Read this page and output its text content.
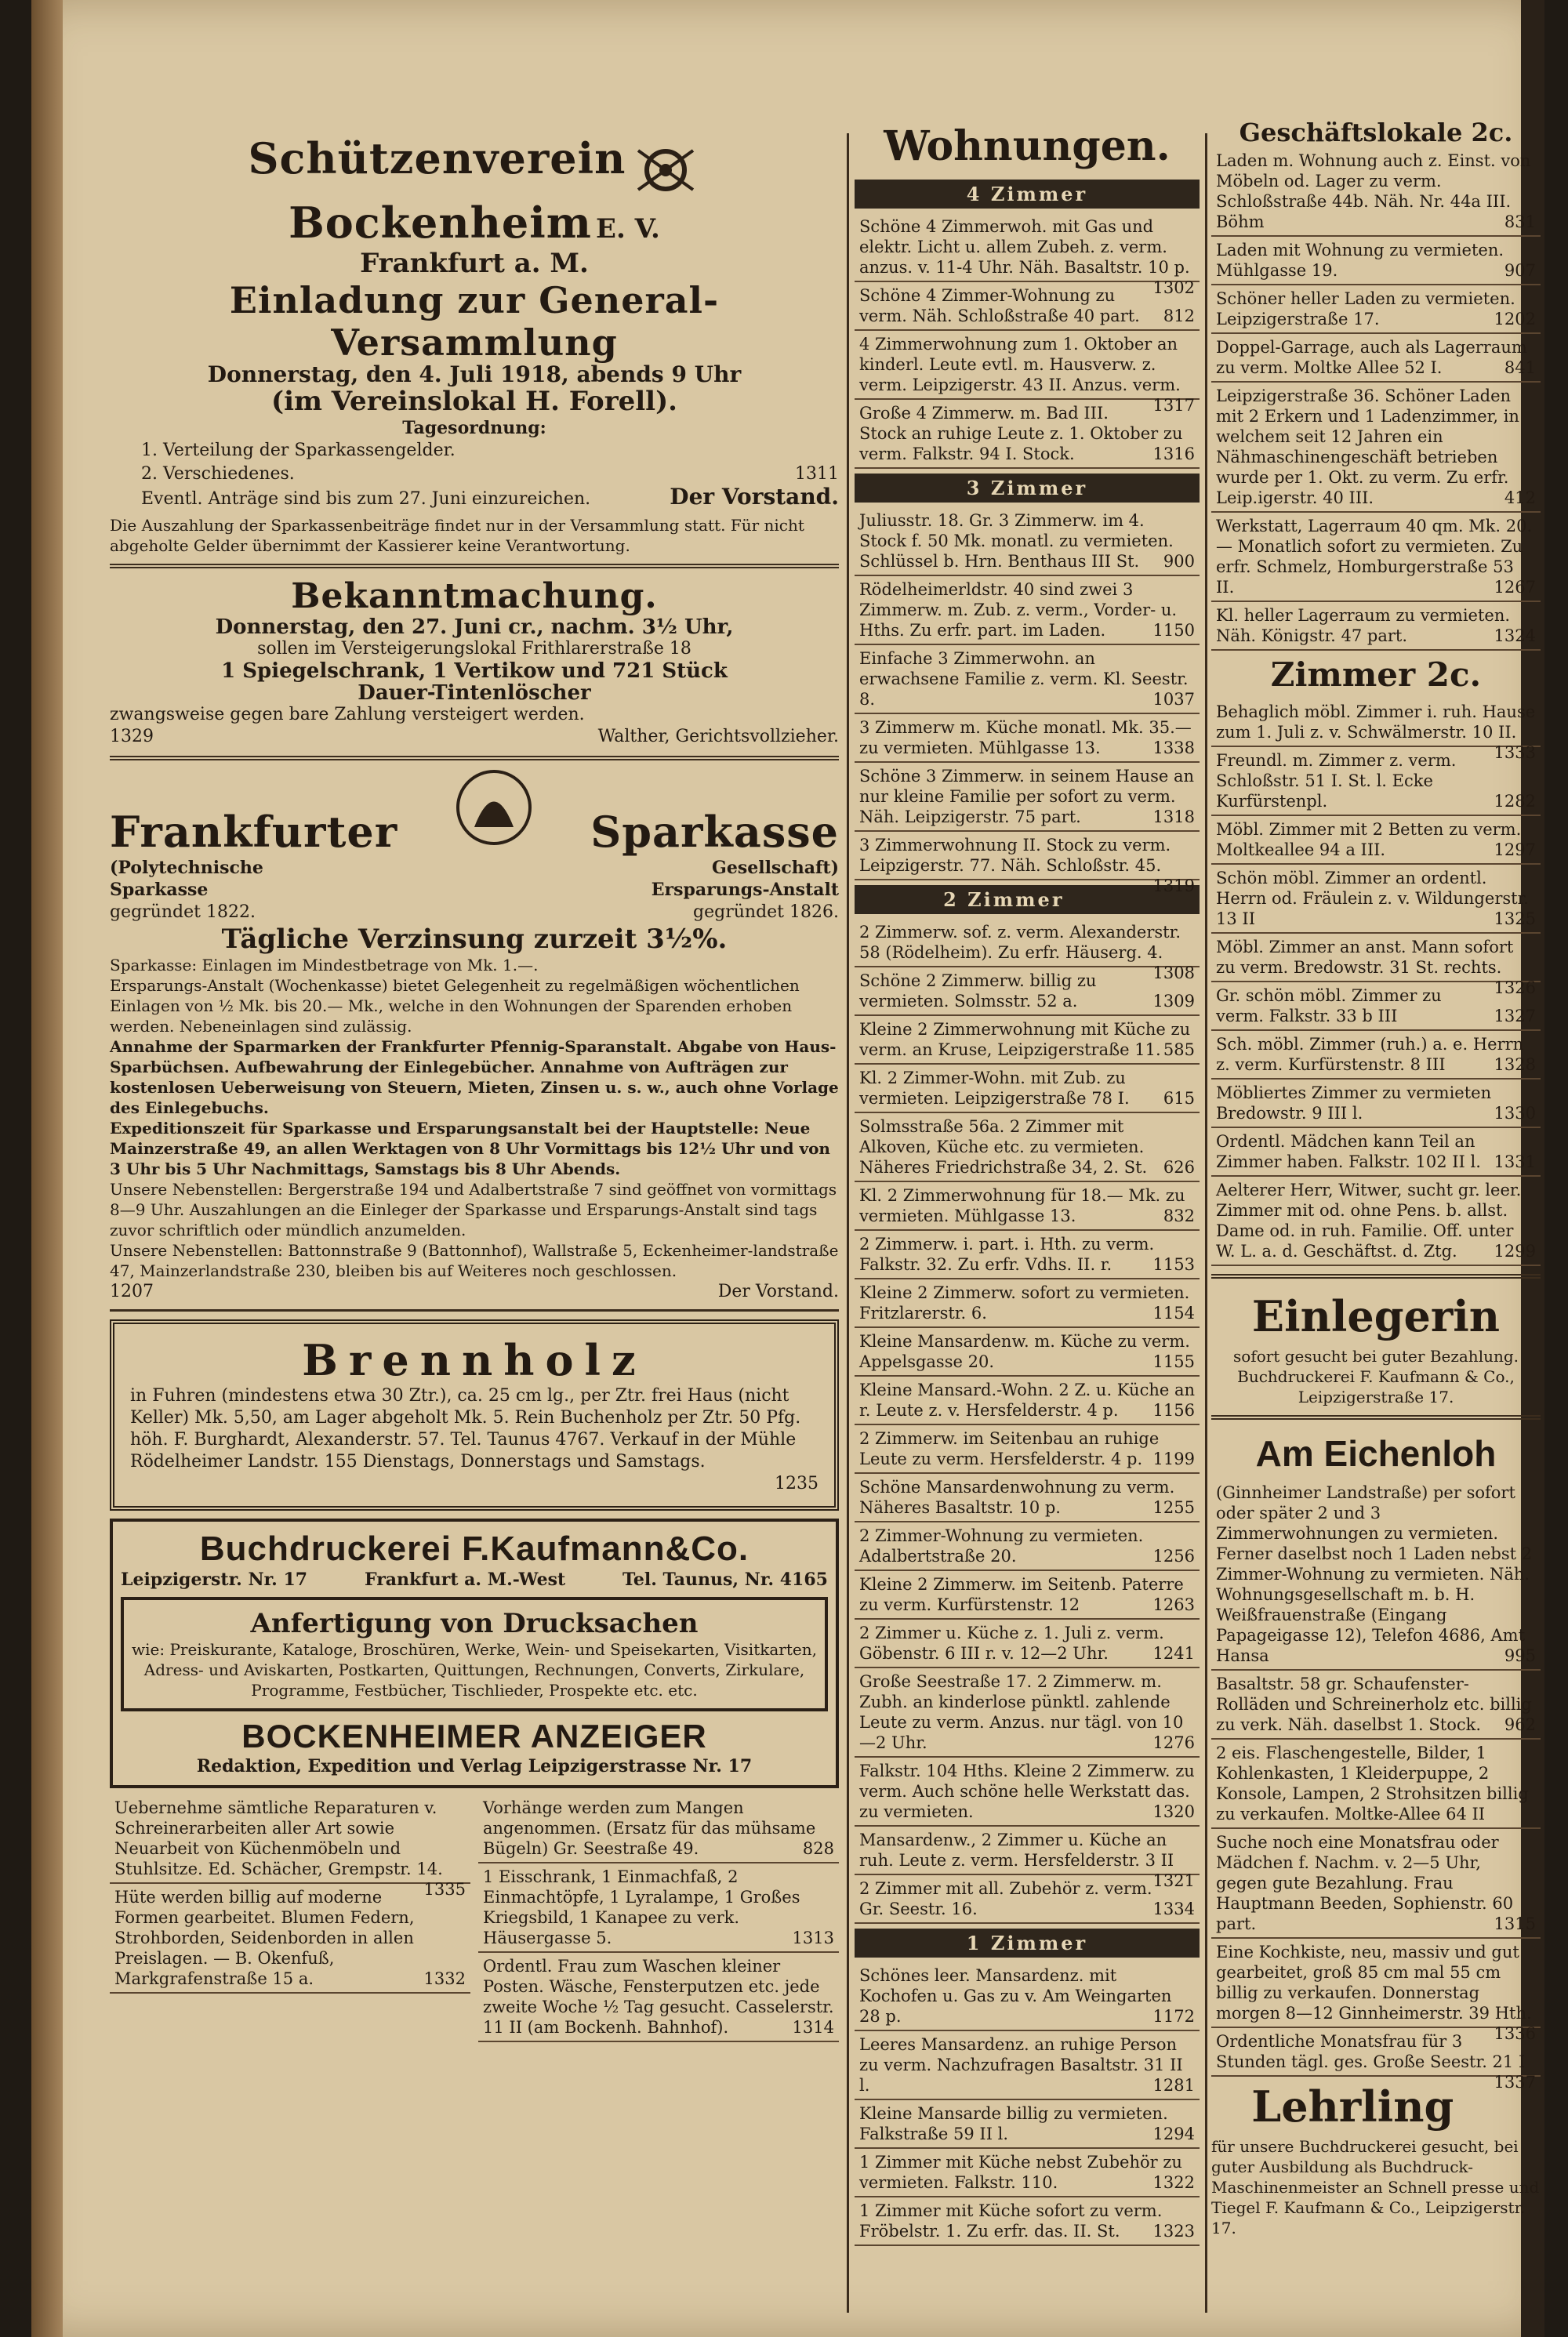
Schützenverein  Bockenheim E. V.
Frankfurt a. M.
Einladung zur General-Versammlung
Donnerstag, den 4. Juli 1918, abends 9 Uhr
(im Vereinslokal H. Forell).
Tagesordnung:
1. Verteilung der Sparkassengelder.
2. Verschiedenes.	1311
Eventl. Anträge sind bis zum 27. Juni einzureichen.	Der Vorstand.
Die Auszahlung der Sparkassenbeiträge findet nur in der Versammlung statt. Für nicht abgeholte Gelder übernimmt der Kassierer keine Verantwortung.
Bekanntmachung.
Donnerstag, den 27. Juni cr., nachm. 3½ Uhr,
sollen im Versteigerungslokal Frithlarerstraße 18
1 Spiegelschrank, 1 Vertikow und 721 Stück
Dauer-Tintenlöscher
zwangsweise gegen bare Zahlung versteigert werden.
1329	Walther, Gerichtsvollzieher.
Frankfurter	Sparkasse
(Polytechnische	Gesellschaft)
Sparkasse
gegründet 1822.
Ersparungs-Anstalt
gegründet 1826.
Tägliche Verzinsung zurzeit 3½%.
Sparkasse: Einlagen im Mindestbetrage von Mk. 1.—.
Ersparungs-Anstalt (Wochenkasse) bietet Gelegenheit zu regelmäßigen wöchentlichen Einlagen von ½ Mk. bis 20.— Mk., welche in den Wohnungen der Sparenden erhoben werden. Nebeneinlagen sind zulässig.
Annahme der Sparmarken der Frankfurter Pfennig-Sparanstalt. Abgabe von Haus-Sparbüchsen. Aufbewahrung der Einlegebücher. Annahme von Aufträgen zur kostenlosen Ueberweisung von Steuern, Mieten, Zinsen u. s. w., auch ohne Vorlage des Einlegebuchs.
Expeditionszeit für Sparkasse und Ersparungsanstalt bei der Hauptstelle: Neue Mainzerstraße 49, an allen Werktagen von 8 Uhr Vormittags bis 12½ Uhr und von 3 Uhr bis 5 Uhr Nachmittags, Samstags bis 8 Uhr Abends.
Unsere Nebenstellen: Bergerstraße 194 und Adalbertstraße 7 sind geöffnet von vormittags 8—9 Uhr. Auszahlungen an die Einleger der Sparkasse und Ersparungs-Anstalt sind tags zuvor schriftlich oder mündlich anzumelden.
Unsere Nebenstellen: Battonnstraße 9 (Battonnhof), Wallstraße 5, Eckenheimer-landstraße 47, Mainzerlandstraße 230, bleiben bis auf Weiteres noch geschlossen.
1207	Der Vorstand.
Brennholz
in Fuhren (mindestens etwa 30 Ztr.), ca. 25 cm lg., per Ztr. frei Haus (nicht Keller) Mk. 5,50, am Lager abgeholt Mk. 5. Rein Buchenholz per Ztr. 50 Pfg. höh. F. Burghardt, Alexanderstr. 57. Tel. Taunus 4767. Verkauf in der Mühle Rödelheimer Landstr. 155 Dienstags, Donnerstags und Samstags.
1235
Buchdruckerei F.Kaufmann&Co.
Leipzigerstr. Nr. 17	Frankfurt a. M.-West	Tel. Taunus, Nr. 4165
Anfertigung von Drucksachen
wie: Preiskurante, Kataloge, Broschüren, Werke, Wein- und Speisekarten, Visitkarten, Adress- und Aviskarten, Postkarten, Quittungen, Rechnungen, Converts, Zirkulare, Programme, Festbücher, Tischlieder, Prospekte etc. etc.
BOCKENHEIMER ANZEIGER
Redaktion, Expedition und Verlag Leipzigerstrasse Nr. 17
Uebernehme sämtliche Reparaturen v. Schreinerarbeiten aller Art sowie Neuarbeit von Küchenmöbeln und Stuhlsitze. Ed. Schächer, Grempstr. 14.
1335
Hüte werden billig auf moderne Formen gearbeitet. Blumen Federn, Strohborden, Seidenborden in allen Preislagen. — B. Okenfuß, Markgrafenstraße 15 a.	1332
Vorhänge werden zum Mangen angenommen. (Ersatz für das mühsame Bügeln) Gr. Seestraße 49.	828
1 Eisschrank, 1 Einmachfaß, 2 Einmachtöpfe, 1 Lyralampe, 1 Großes Kriegsbild, 1 Kanapee zu verk. Häusergasse 5.	1313
Ordentl. Frau zum Waschen kleiner Posten. Wäsche, Fensterputzen etc. jede zweite Woche ½ Tag gesucht. Casselerstr. 11 II (am Bockenh. Bahnhof).	1314
Wohnungen.
4 Zimmer
Schöne 4 Zimmerwoh. mit Gas und elektr. Licht u. allem Zubeh. z. verm. anzus. v. 11-4 Uhr. Näh. Basaltstr. 10 p.
1302
Schöne 4 Zimmer-Wohnung zu verm. Näh. Schloßstraße 40 part. 812
4 Zimmerwohnung zum 1. Oktober an kinderl. Leute evtl. m. Hausverw. z. verm. Leipzigerstr. 43 II. Anzus. verm.
1317
Große 4 Zimmerw. m. Bad III. Stock an ruhige Leute z. 1. Oktober zu verm. Falkstr. 94 I. Stock.	1316
3 Zimmer
Juliusstr. 18. Gr. 3 Zimmerw. im 4. Stock f. 50 Mk. monatl. zu vermieten. Schlüssel b. Hrn. Benthaus III St. 900
Rödelheimerldstr. 40 sind zwei 3 Zimmerw. m. Zub. z. verm., Vorder- u. Hths. Zu erfr. part. im Laden.	1150
Einfache 3 Zimmerwohn. an erwachsene Familie z. verm. Kl. Seestr. 8.	1037
3 Zimmerw m. Küche monatl. Mk. 35.— zu vermieten. Mühlgasse 13.	1338
Schöne 3 Zimmerw. in seinem Hause an nur kleine Familie per sofort zu verm. Näh. Leipzigerstr. 75 part.	1318
3 Zimmerwohnung II. Stock zu verm. Leipzigerstr. 77. Näh. Schloßstr. 45.
1319
2 Zimmer
2 Zimmerw. sof. z. verm. Alexanderstr. 58 (Rödelheim). Zu erfr. Häuserg. 4.
1308
Schöne 2 Zimmerw. billig zu vermieten. Solmsstr. 52 a.	1309
Kleine 2 Zimmerwohnung mit Küche zu verm. an Kruse, Leipzigerstraße 11. 585
Kl. 2 Zimmer-Wohn. mit Zub. zu vermieten. Leipzigerstraße 78 I. 615
Solmsstraße 56a. 2 Zimmer mit Alkoven, Küche etc. zu vermieten. Näheres Friedrichstraße 34, 2. St. 626
Kl. 2 Zimmerwohnung für 18.— Mk. zu vermieten. Mühlgasse 13.	832
2 Zimmerw. i. part. i. Hth. zu verm. Falkstr. 32. Zu erfr. Vdhs. II. r. 1153
Kleine 2 Zimmerw. sofort zu vermieten. Fritzlarerstr. 6.	1154
Kleine Mansardenw. m. Küche zu verm. Appelsgasse 20.	1155
Kleine Mansard.-Wohn. 2 Z. u. Küche an r. Leute z. v. Hersfelderstr. 4 p. 1156
2 Zimmerw. im Seitenbau an ruhige Leute zu verm. Hersfelderstr. 4 p. 1199
Schöne Mansardenwohnung zu verm. Näheres Basaltstr. 10 p.	1255
2 Zimmer-Wohnung zu vermieten. Adalbertstraße 20.	1256
Kleine 2 Zimmerw. im Seitenb. Paterre zu verm. Kurfürstenstr. 12	1263
2 Zimmer u. Küche z. 1. Juli z. verm. Göbenstr. 6 III r. v. 12—2 Uhr.	1241
Große Seestraße 17. 2 Zimmerw. m. Zubh. an kinderlose pünktl. zahlende Leute zu verm. Anzus. nur tägl. von 10—2 Uhr.	1276
Falkstr. 104 Hths. Kleine 2 Zimmerw. zu verm. Auch schöne helle Werkstatt das. zu vermieten.	1320
Mansardenw., 2 Zimmer u. Küche an ruh. Leute z. verm. Hersfelderstr. 3 II
1321
2 Zimmer mit all. Zubehör z. verm. Gr. Seestr. 16.	1334
1 Zimmer
Schönes leer. Mansardenz. mit Kochofen u. Gas zu v. Am Weingarten 28 p.	1172
Leeres Mansardenz. an ruhige Person zu verm. Nachzufragen Basaltstr. 31 II l.	1281
Kleine Mansarde billig zu vermieten. Falkstraße 59 II l.	1294
1 Zimmer mit Küche nebst Zubehör zu vermieten. Falkstr. 110.	1322
1 Zimmer mit Küche sofort zu verm. Fröbelstr. 1. Zu erfr. das. II. St. 1323
Geschäftslokale 2c.
Laden m. Wohnung auch z. Einst. von Möbeln od. Lager zu verm. Schloßstraße 44b. Näh. Nr. 44a III. Böhm	831
Laden mit Wohnung zu vermieten. Mühlgasse 19.	907
Schöner heller Laden zu vermieten. Leipzigerstraße 17.	1202
Doppel-Garrage, auch als Lagerraum zu verm. Moltke Allee 52 I.	841
Leipzigerstraße 36. Schöner Laden mit 2 Erkern und 1 Ladenzimmer, in welchem seit 12 Jahren ein Nähmaschinengeschäft betrieben wurde per 1. Okt. zu verm. Zu erfr. Leip.igerstr. 40 III.	412
Werkstatt, Lagerraum 40 qm. Mk. 20.— Monatlich sofort zu vermieten. Zu erfr. Schmelz, Homburgerstraße 53 II.	1267
Kl. heller Lagerraum zu vermieten. Näh. Königstr. 47 part.	1324
Zimmer 2c.
Behaglich möbl. Zimmer i. ruh. Hause zum 1. Juli z. v. Schwälmerstr. 10 II.
1333
Freundl. m. Zimmer z. verm. Schloßstr. 51 I. St. l. Ecke Kurfürstenpl.	1282
Möbl. Zimmer mit 2 Betten zu verm. Moltkeallee 94 a III.	1297
Schön möbl. Zimmer an ordentl. Herrn od. Fräulein z. v. Wildungerstr. 13 II	1325
Möbl. Zimmer an anst. Mann sofort zu verm. Bredowstr. 31 St. rechts.
1326
Gr. schön möbl. Zimmer zu verm. Falkstr. 33 b III	1327
Sch. möbl. Zimmer (ruh.) a. e. Herrn z. verm. Kurfürstenstr. 8 III	1328
Möbliertes Zimmer zu vermieten Bredowstr. 9 III l.	1330
Ordentl. Mädchen kann Teil an Zimmer haben. Falkstr. 102 II l. 1331
Aelterer Herr, Witwer, sucht gr. leer. Zimmer mit od. ohne Pens. b. allst. Dame od. in ruh. Familie. Off. unter W. L. a. d. Geschäftst. d. Ztg. 1299
Einlegerin
sofort gesucht bei guter Bezahlung. Buchdruckerei F. Kaufmann & Co., Leipzigerstraße 17.
Am Eichenloh
(Ginnheimer Landstraße) per sofort oder später 2 und 3 Zimmerwohnungen zu vermieten. Ferner daselbst noch 1 Laden nebst 2 Zimmer-Wohnung zu vermieten. Näh. Wohnungsgesellschaft m. b. H. Weißfrauenstraße (Eingang Papageigasse 12), Telefon 4686, Amt Hansa	995
Basaltstr. 58 gr. Schaufenster-Rolläden und Schreinerholz etc. billig zu verk. Näh. daselbst 1. Stock. 962
2 eis. Flaschengestelle, Bilder, 1 Kohlenkasten, 1 Kleiderpuppe, 2 Konsole, Lampen, 2 Strohsitzen billig zu verkaufen. Moltke-Allee 64 II
Suche noch eine Monatsfrau oder Mädchen f. Nachm. v. 2—5 Uhr, gegen gute Bezahlung. Frau Hauptmann Beeden, Sophienstr. 60 part.	1315
Eine Kochkiste, neu, massiv und gut gearbeitet, groß 85 cm mal 55 cm billig zu verkaufen. Donnerstag morgen 8—12 Ginnheimerstr. 39 Hth.
1336
Ordentliche Monatsfrau für 3 Stunden tägl. ges. Große Seestr. 21 I
1337
Lehrling
für unsere Buchdruckerei gesucht, bei guter Ausbildung als Buchdruck-Maschinenmeister an Schnell presse und Tiegel F. Kaufmann & Co., Leipzigerstr. 17.
